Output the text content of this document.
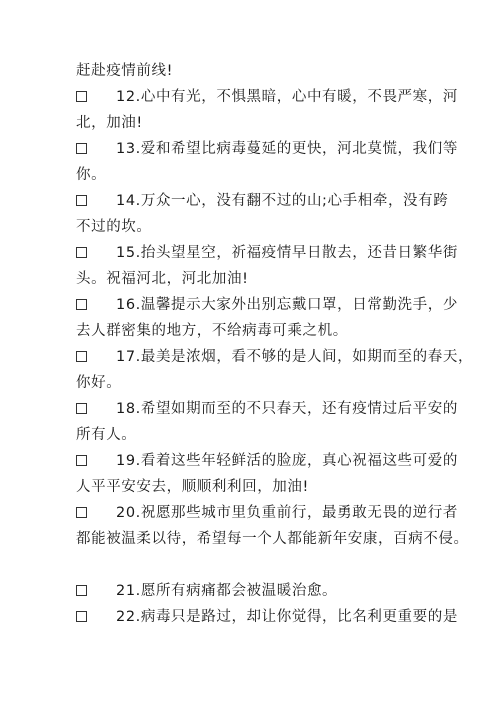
赶赴疫情前线!
12.心中有光，不惧黑暗，心中有暖，不畏严寒，河
北，加油!
13.爱和希望比病毒蔓延的更快，河北莫慌，我们等
你。
14.万众一心，没有翻不过的山;心手相牵，没有跨
不过的坎。
15.抬头望星空，祈福疫情早日散去，还昔日繁华街
头。祝福河北，河北加油!
16.温馨提示大家外出别忘戴口罩，日常勤洗手，少
去人群密集的地方，不给病毒可乘之机。
17.最美是浓烟，看不够的是人间，如期而至的春天，
你好。
18.希望如期而至的不只春天，还有疫情过后平安的
所有人。
19.看着这些年轻鲜活的脸庞，真心祝福这些可爱的
人平平安安去，顺顺利利回，加油!
20.祝愿那些城市里负重前行，最勇敢无畏的逆行者
都能被温柔以待，希望每一个人都能新年安康，百病不侵。
21.愿所有病痛都会被温暖治愈。
22.病毒只是路过，却让你觉得，比名利更重要的是
